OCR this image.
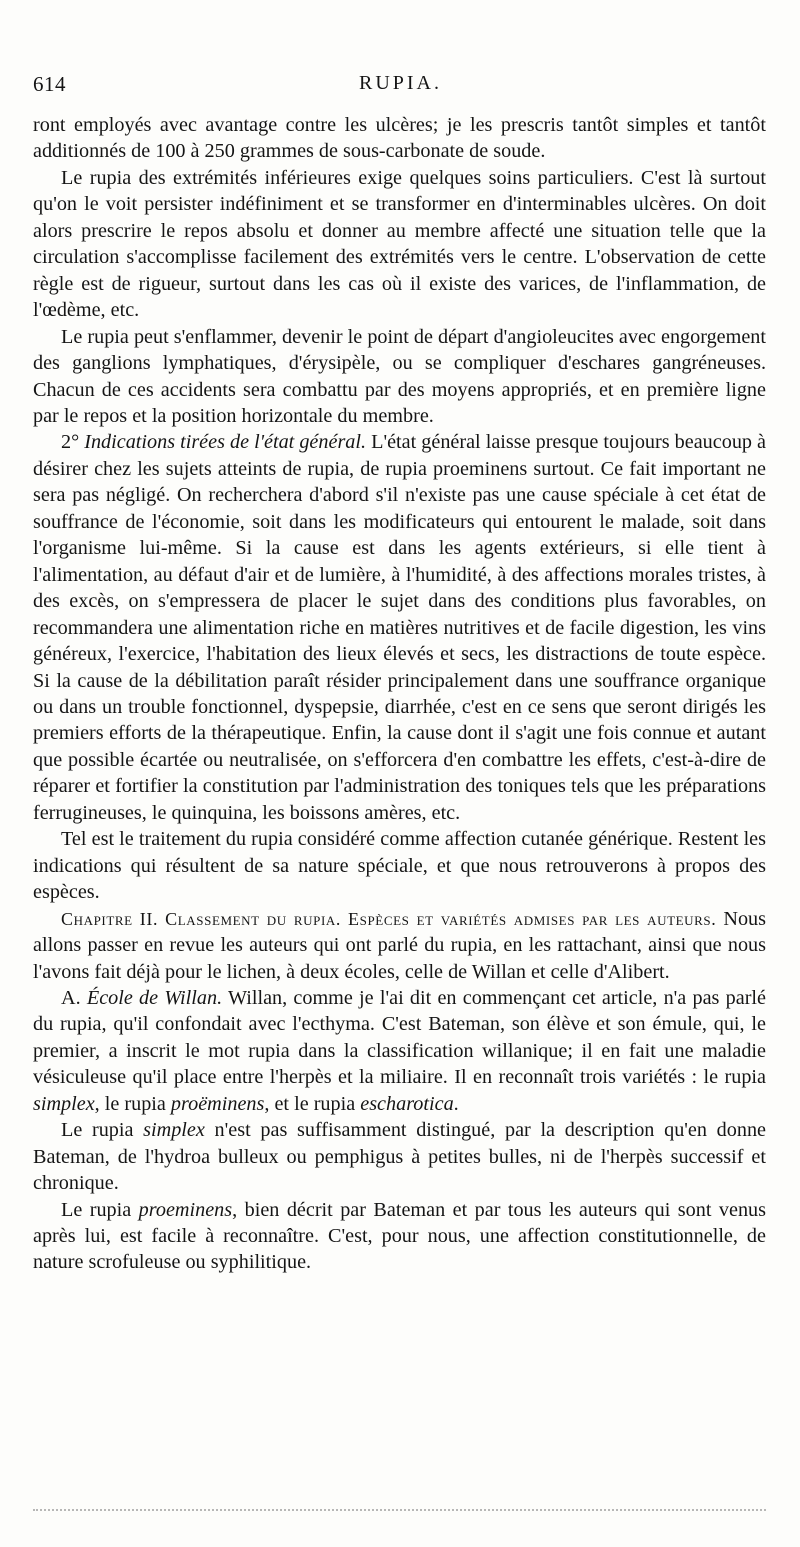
614	RUPIA.

ront employés avec avantage contre les ulcères; je les prescris tantôt simples et tantôt additionnés de 100 à 250 grammes de sous-carbonate de soude.

Le rupia des extrémités inférieures exige quelques soins particuliers. C'est là surtout qu'on le voit persister indéfiniment et se transformer en d'interminables ulcères. On doit alors prescrire le repos absolu et donner au membre affecté une situation telle que la circulation s'accomplisse facilement des extrémités vers le centre. L'observation de cette règle est de rigueur, surtout dans les cas où il existe des varices, de l'inflammation, de l'œdème, etc.

Le rupia peut s'enflammer, devenir le point de départ d'angioleucites avec engorgement des ganglions lymphatiques, d'érysipèle, ou se compliquer d'eschares gangréneuses. Chacun de ces accidents sera combattu par des moyens appropriés, et en première ligne par le repos et la position horizontale du membre.

2° Indications tirées de l'état général. L'état général laisse presque toujours beaucoup à désirer chez les sujets atteints de rupia, de rupia proeminens surtout. Ce fait important ne sera pas négligé. On recherchera d'abord s'il n'existe pas une cause spéciale à cet état de souffrance de l'économie, soit dans les modificateurs qui entourent le malade, soit dans l'organisme lui-même. Si la cause est dans les agents extérieurs, si elle tient à l'alimentation, au défaut d'air et de lumière, à l'humidité, à des affections morales tristes, à des excès, on s'empressera de placer le sujet dans des conditions plus favorables, on recommandera une alimentation riche en matières nutritives et de facile digestion, les vins généreux, l'exercice, l'habitation des lieux élevés et secs, les distractions de toute espèce. Si la cause de la débilitation paraît résider principalement dans une souffrance organique ou dans un trouble fonctionnel, dyspepsie, diarrhée, c'est en ce sens que seront dirigés les premiers efforts de la thérapeutique. Enfin, la cause dont il s'agit une fois connue et autant que possible écartée ou neutralisée, on s'efforcera d'en combattre les effets, c'est-à-dire de réparer et fortifier la constitution par l'administration des toniques tels que les préparations ferrugineuses, le quinquina, les boissons amères, etc.

Tel est le traitement du rupia considéré comme affection cutanée générique. Restent les indications qui résultent de sa nature spéciale, et que nous retrouverons à propos des espèces.

Chapitre II. Classement du rupia. Espèces et variétés admises par les auteurs. Nous allons passer en revue les auteurs qui ont parlé du rupia, en les rattachant, ainsi que nous l'avons fait déjà pour le lichen, à deux écoles, celle de Willan et celle d'Alibert.

A. École de Willan. Willan, comme je l'ai dit en commençant cet article, n'a pas parlé du rupia, qu'il confondait avec l'ecthyma. C'est Bateman, son élève et son émule, qui, le premier, a inscrit le mot rupia dans la classification willanique; il en fait une maladie vésiculeuse qu'il place entre l'herpès et la miliaire. Il en reconnaît trois variétés : le rupia simplex, le rupia proëminens, et le rupia escharotica.

Le rupia simplex n'est pas suffisamment distingué, par la description qu'en donne Bateman, de l'hydroa bulleux ou pemphigus à petites bulles, ni de l'herpès successif et chronique.

Le rupia proeminens, bien décrit par Bateman et par tous les auteurs qui sont venus après lui, est facile à reconnaître. C'est, pour nous, une affection constitutionnelle, de nature scrofuleuse ou syphilitique.
